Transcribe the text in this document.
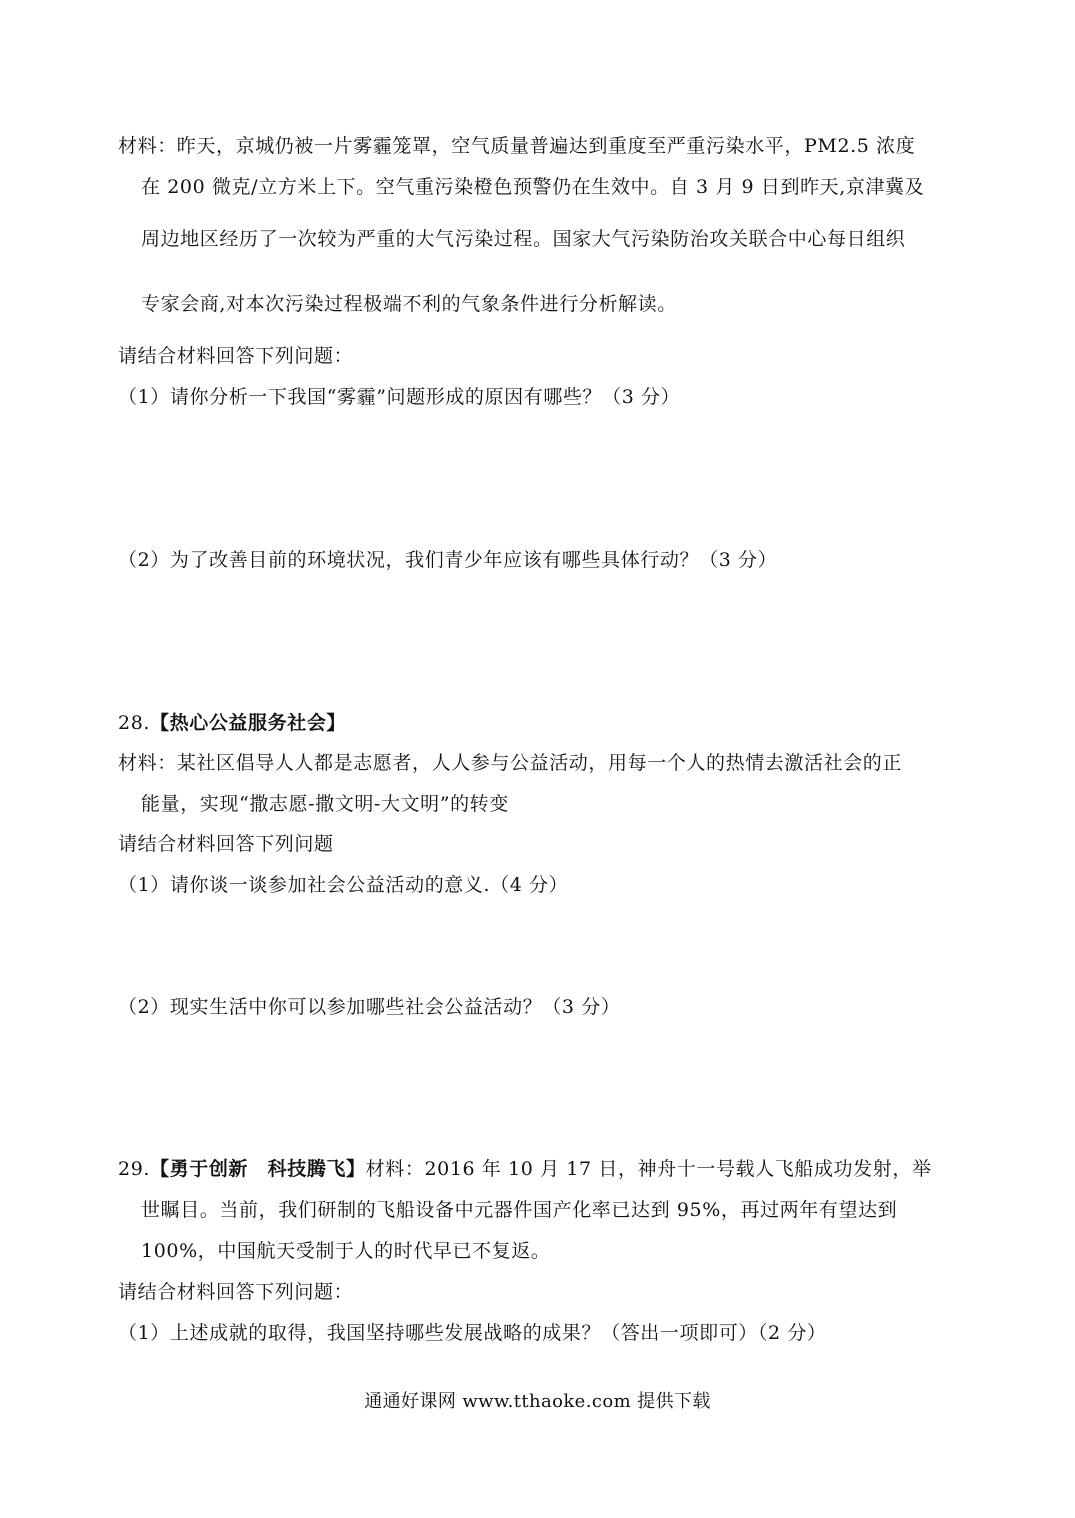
材料：昨天，京城仍被一片雾霾笼罩，空气质量普遍达到重度至严重污染水平，PM2.5 浓度
在 200 微克/立方米上下。空气重污染橙色预警仍在生效中。自 3 月 9 日到昨天,京津冀及
周边地区经历了一次较为严重的大气污染过程。国家大气污染防治攻关联合中心每日组织
专家会商,对本次污染过程极端不利的气象条件进行分析解读。
请结合材料回答下列问题：
（1）请你分析一下我国“雾霾”问题形成的原因有哪些？（3 分）
（2）为了改善目前的环境状况，我们青少年应该有哪些具体行动？（3 分）
28.【热心公益服务社会】
材料：某社区倡导人人都是志愿者，人人参与公益活动，用每一个人的热情去激活社会的正
能量，实现“撒志愿-撒文明-大文明”的转变
请结合材料回答下列问题
（1）请你谈一谈参加社会公益活动的意义.（4 分）
（2）现实生活中你可以参加哪些社会公益活动？（3 分）
29.【勇于创新　科技腾飞】材料：2016 年 10 月 17 日，神舟十一号载人飞船成功发射，举
世瞩目。当前，我们研制的飞船设备中元器件国产化率已达到 95%，再过两年有望达到
100%，中国航天受制于人的时代早已不复返。
请结合材料回答下列问题：
（1）上述成就的取得，我国坚持哪些发展战略的成果？（答出一项即可）（2 分）
通通好课网 www.tthaoke.com 提供下载
